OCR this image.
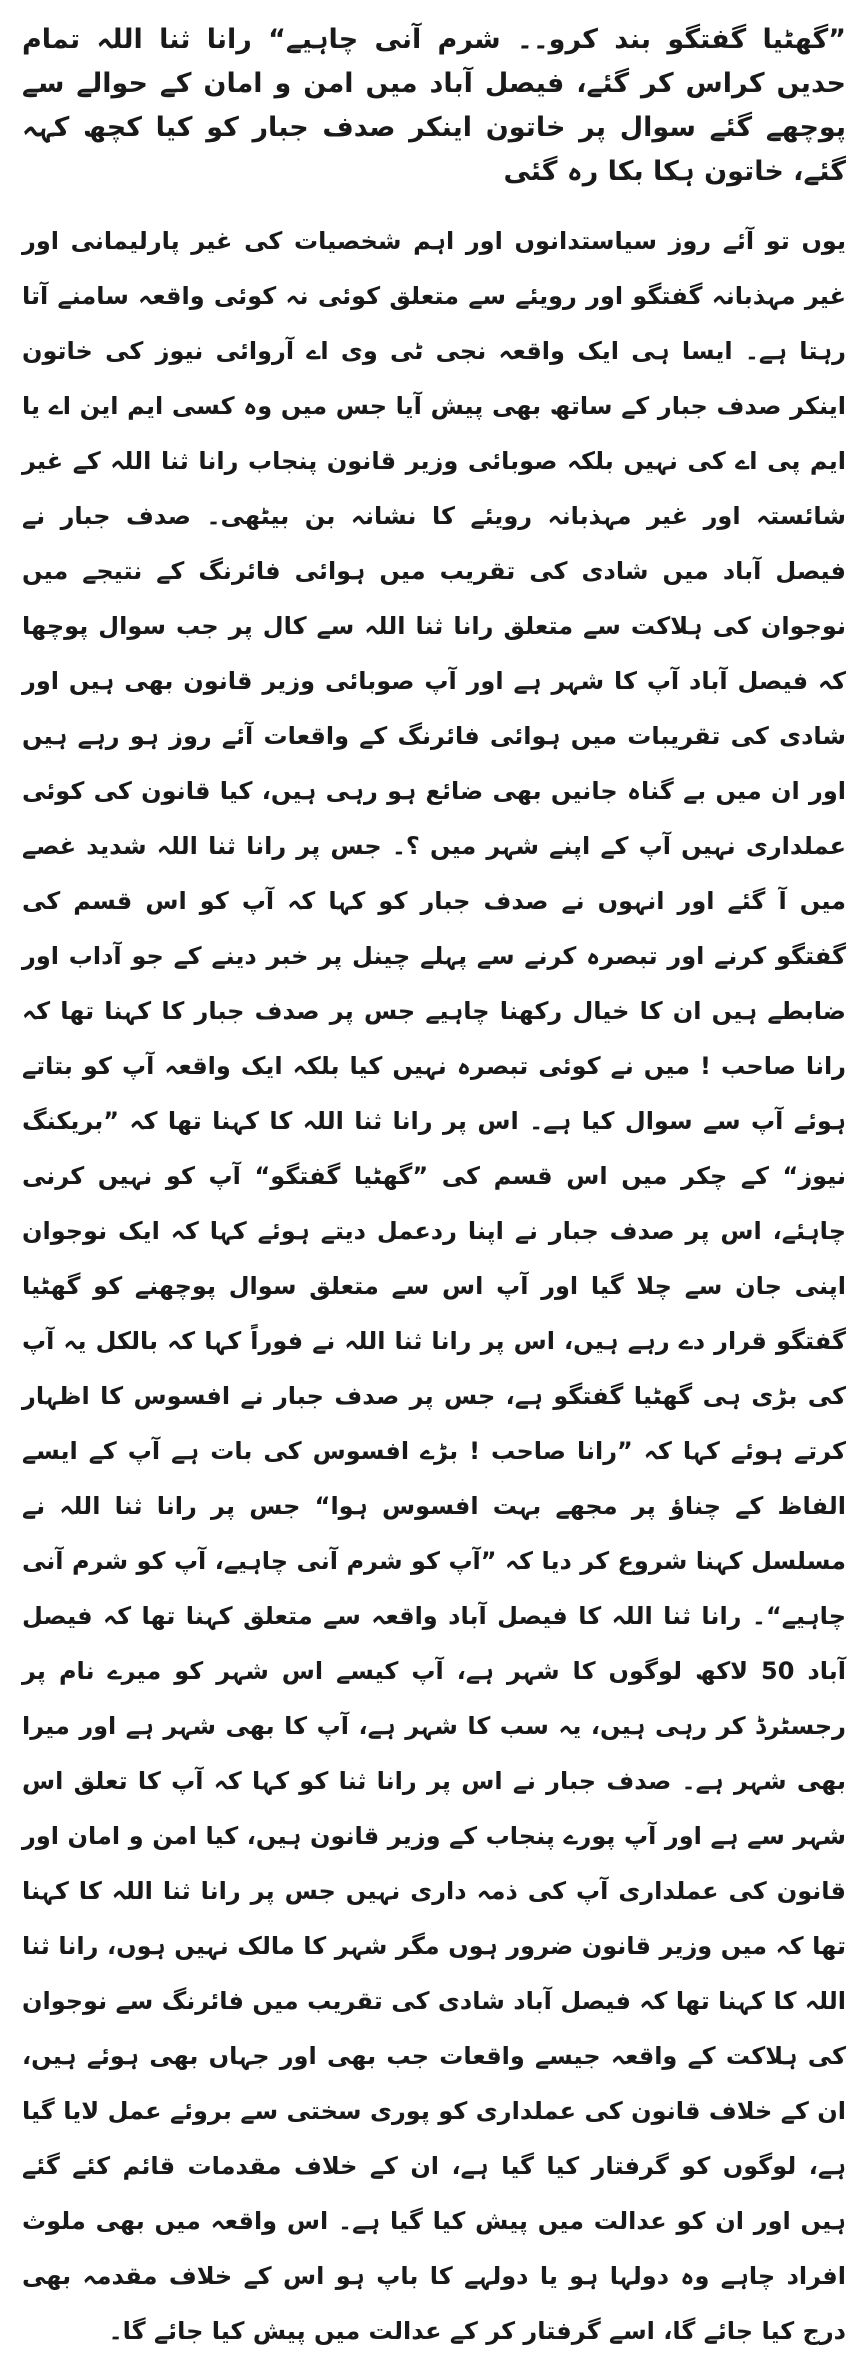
”گھٹیا گفتگو بند کرو۔۔ شرم آنی چاہیے“ رانا ثنا اللہ تمام حدیں کراس کر گئے، فیصل آباد میں امن و امان کے حوالے سے پوچھے گئے سوال پر خاتون اینکر صدف جبار کو کیا کچھ کہہ گئے، خاتون ہکا بکا رہ گئی

یوں تو آئے روز سیاستدانوں اور اہم شخصیات کی غیر پارلیمانی اور غیر مہذبانہ گفتگو اور رویئے سے متعلق کوئی نہ کوئی واقعہ سامنے آتا رہتا ہے۔ ایسا ہی ایک واقعہ نجی ٹی وی اے آروائی نیوز کی خاتون اینکر صدف جبار کے ساتھ بھی پیش آیا جس میں وہ کسی ایم این اے یا ایم پی اے کی نہیں بلکہ صوبائی وزیر قانون پنجاب رانا ثنا اللہ کے غیر شائستہ اور غیر مہذبانہ رویئے کا نشانہ بن بیٹھی۔ صدف جبار نے فیصل آباد میں شادی کی تقریب میں ہوائی فائرنگ کے نتیجے میں نوجوان کی ہلاکت سے متعلق رانا ثنا اللہ سے کال پر جب سوال پوچھا کہ فیصل آباد آپ کا شہر ہے اور آپ صوبائی وزیر قانون بھی ہیں اور شادی کی تقریبات میں ہوائی فائرنگ کے واقعات آئے روز ہو رہے ہیں اور ان میں بے گناہ جانیں بھی ضائع ہو رہی ہیں، کیا قانون کی کوئی عملداری نہیں آپ کے اپنے شہر میں ؟۔ جس پر رانا ثنا اللہ شدید غصے میں آ گئے اور انہوں نے صدف جبار کو کہا کہ آپ کو اس قسم کی گفتگو کرنے اور تبصرہ کرنے سے پہلے چینل پر خبر دینے کے جو آداب اور ضابطے ہیں ان کا خیال رکھنا چاہیے جس پر صدف جبار کا کہنا تھا کہ رانا صاحب ! میں نے کوئی تبصرہ نہیں کیا بلکہ ایک واقعہ آپ کو بتاتے ہوئے آپ سے سوال کیا ہے۔ اس پر رانا ثنا اللہ کا کہنا تھا کہ ”بریکنگ نیوز“ کے چکر میں اس قسم کی ”گھٹیا گفتگو“ آپ کو نہیں کرنی چاہئے، اس پر صدف جبار نے اپنا ردعمل دیتے ہوئے کہا کہ ایک نوجوان اپنی جان سے چلا گیا اور آپ اس سے متعلق سوال پوچھنے کو گھٹیا گفتگو قرار دے رہے ہیں، اس پر رانا ثنا اللہ نے فوراً کہا کہ بالکل یہ آپ کی بڑی ہی گھٹیا گفتگو ہے، جس پر صدف جبار نے افسوس کا اظہار کرتے ہوئے کہا کہ ”رانا صاحب ! بڑے افسوس کی بات ہے آپ کے ایسے الفاظ کے چناؤ پر مجھے بہت افسوس ہوا“ جس پر رانا ثنا اللہ نے مسلسل کہنا شروع کر دیا کہ ”آپ کو شرم آنی چاہیے، آپ کو شرم آنی چاہیے“۔ رانا ثنا اللہ کا فیصل آباد واقعہ سے متعلق کہنا تھا کہ فیصل آباد 50 لاکھ لوگوں کا شہر ہے، آپ کیسے اس شہر کو میرے نام پر رجسٹرڈ کر رہی ہیں، یہ سب کا شہر ہے، آپ کا بھی شہر ہے اور میرا بھی شہر ہے۔ صدف جبار نے اس پر رانا ثنا کو کہا کہ آپ کا تعلق اس شہر سے ہے اور آپ پورے پنجاب کے وزیر قانون ہیں، کیا امن و امان اور قانون کی عملداری آپ کی ذمہ داری نہیں جس پر رانا ثنا اللہ کا کہنا تھا کہ میں وزیر قانون ضرور ہوں مگر شہر کا مالک نہیں ہوں، رانا ثنا اللہ کا کہنا تھا کہ فیصل آباد شادی کی تقریب میں فائرنگ سے نوجوان کی ہلاکت کے واقعہ جیسے واقعات جب بھی اور جہاں بھی ہوئے ہیں، ان کے خلاف قانون کی عملداری کو پوری سختی سے بروئے عمل لایا گیا ہے، لوگوں کو گرفتار کیا گیا ہے، ان کے خلاف مقدمات قائم کئے گئے ہیں اور ان کو عدالت میں پیش کیا گیا ہے۔ اس واقعہ میں بھی ملوث افراد چاہے وہ دولہا ہو یا دولہے کا باپ ہو اس کے خلاف مقدمہ بھی درج کیا جائے گا، اسے گرفتار کر کے عدالت میں پیش کیا جائے گا۔
